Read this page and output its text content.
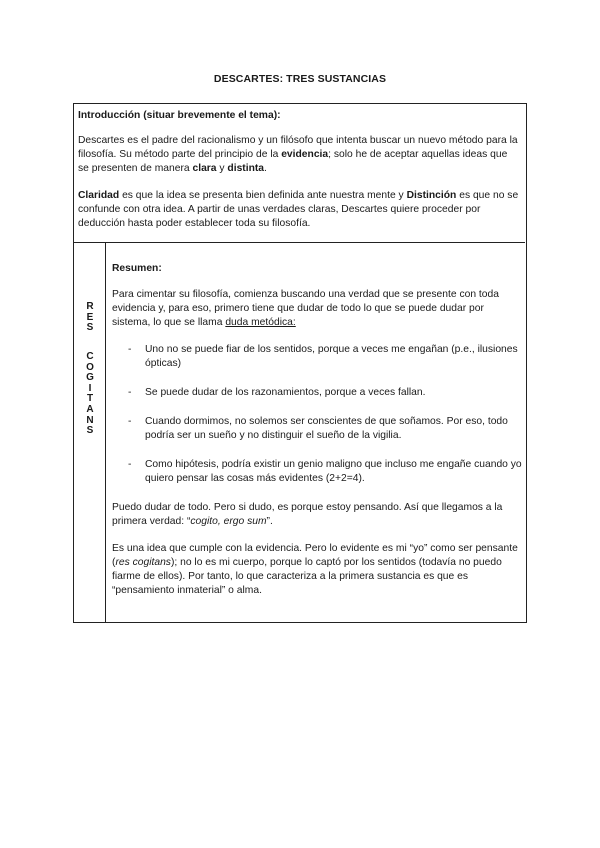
DESCARTES: TRES SUSTANCIAS

Introducción (situar brevemente el tema):

Descartes es el padre del racionalismo y un filósofo que intenta buscar un nuevo método para la filosofía. Su método parte del principio de la evidencia; solo he de aceptar aquellas ideas que se presenten de manera clara y distinta.

Claridad es que la idea se presenta bien definida ante nuestra mente y Distinción es que no se confunde con otra idea. A partir de unas verdades claras, Descartes quiere proceder por deducción hasta poder establecer toda su filosofía.

R
E
S
C
O
G
I
T
A
N
S

Resumen:

Para cimentar su filosofía, comienza buscando una verdad que se presente con toda evidencia y, para eso, primero tiene que dudar de todo lo que se puede dudar por sistema, lo que se llama duda metódica:

- Uno no se puede fiar de los sentidos, porque a veces me engañan (p.e., ilusiones ópticas)
- Se puede dudar de los razonamientos, porque a veces fallan.
- Cuando dormimos, no solemos ser conscientes de que soñamos. Por eso, todo podría ser un sueño y no distinguir el sueño de la vigilia.
- Como hipótesis, podría existir un genio maligno que incluso me engañe cuando yo quiero pensar las cosas más evidentes (2+2=4).

Puedo dudar de todo. Pero si dudo, es porque estoy pensando. Así que llegamos a la primera verdad: “cogito, ergo sum”.

Es una idea que cumple con la evidencia. Pero lo evidente es mi “yo” como ser pensante (res cogitans); no lo es mi cuerpo, porque lo captó por los sentidos (todavía no puedo fiarme de ellos). Por tanto, lo que caracteriza a la primera sustancia es que es “pensamiento inmaterial” o alma.
